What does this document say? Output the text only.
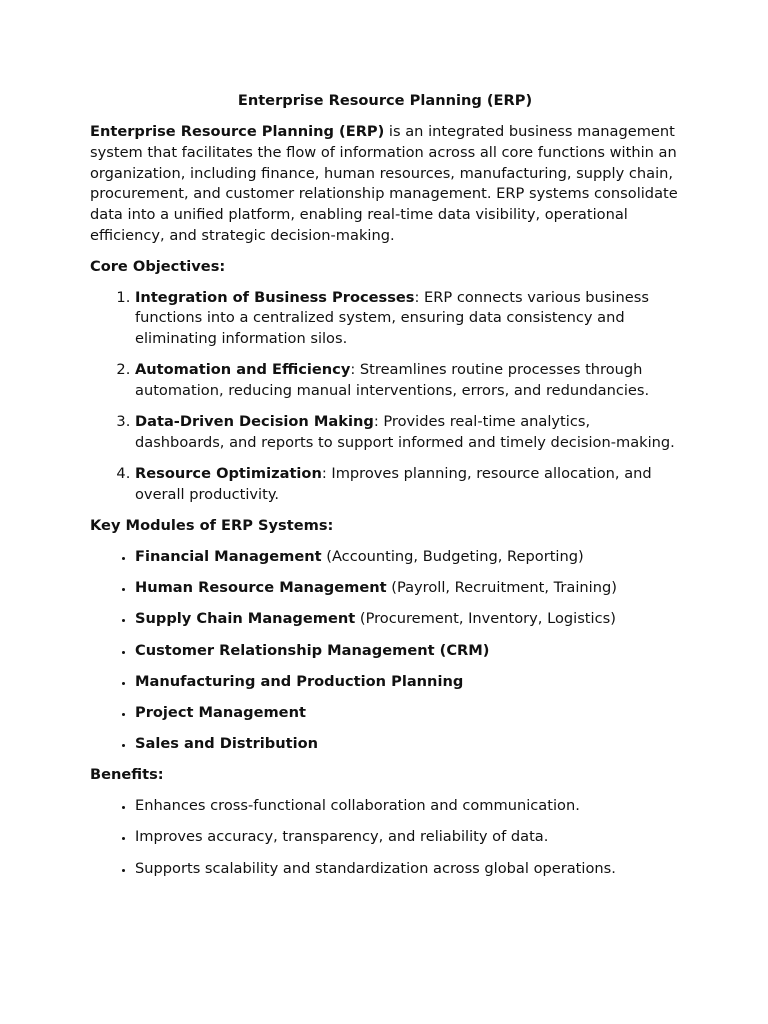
Enterprise Resource Planning (ERP)

Enterprise Resource Planning (ERP) is an integrated business management system that facilitates the flow of information across all core functions within an organization, including finance, human resources, manufacturing, supply chain, procurement, and customer relationship management. ERP systems consolidate data into a unified platform, enabling real-time data visibility, operational efficiency, and strategic decision-making.

Core Objectives:
1. Integration of Business Processes: ERP connects various business functions into a centralized system, ensuring data consistency and eliminating information silos.
2. Automation and Efficiency: Streamlines routine processes through automation, reducing manual interventions, errors, and redundancies.
3. Data-Driven Decision Making: Provides real-time analytics, dashboards, and reports to support informed and timely decision-making.
4. Resource Optimization: Improves planning, resource allocation, and overall productivity.
Key Modules of ERP Systems:
• Financial Management (Accounting, Budgeting, Reporting)
• Human Resource Management (Payroll, Recruitment, Training)
• Supply Chain Management (Procurement, Inventory, Logistics)
• Customer Relationship Management (CRM)
• Manufacturing and Production Planning
• Project Management
• Sales and Distribution
Benefits:
• Enhances cross-functional collaboration and communication.
• Improves accuracy, transparency, and reliability of data.
• Supports scalability and standardization across global operations.
